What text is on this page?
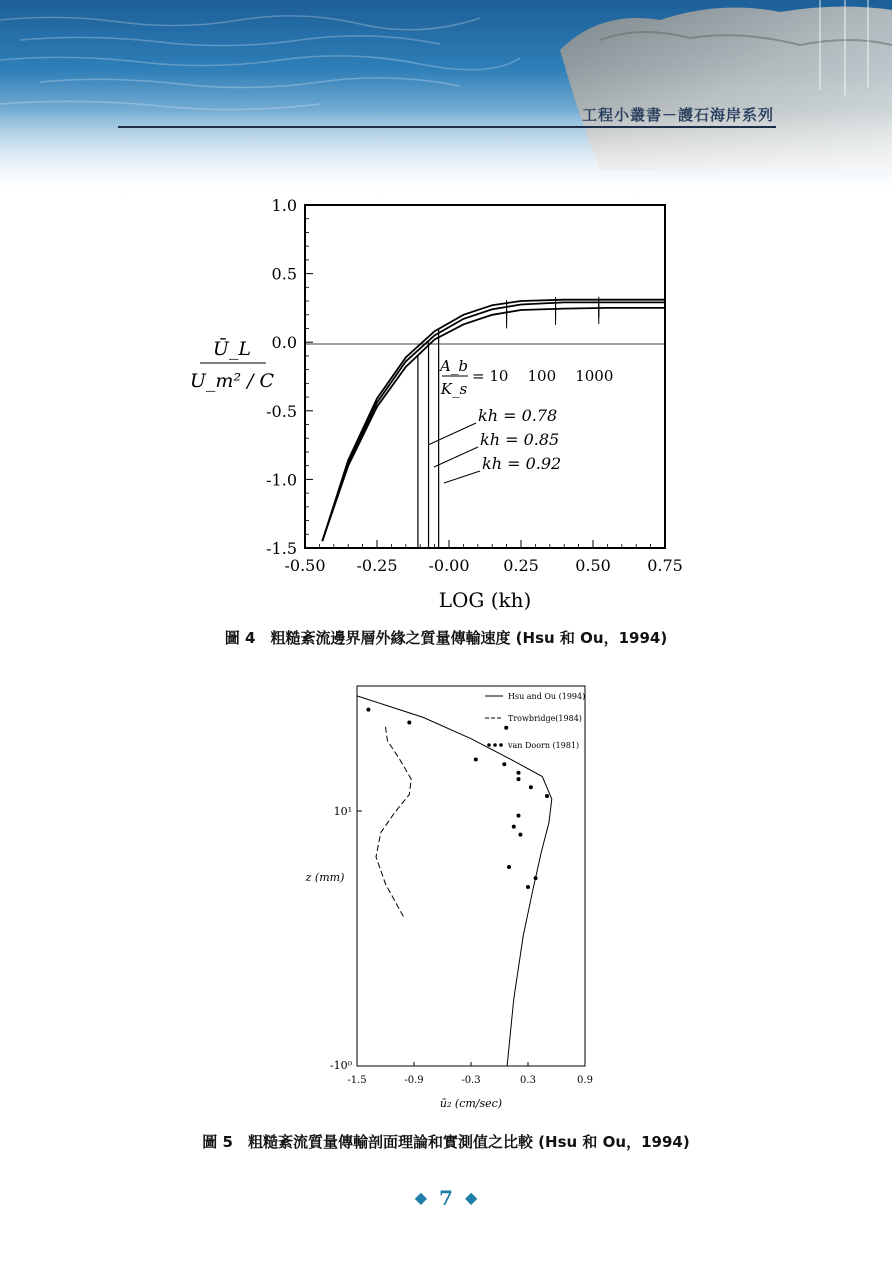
工程小叢書－護石海岸系列
1.0
0.5
0.0
-0.5
-1.0
-1.5
-0.50 -0.25 -0.00 0.25 0.50 0.75
LOG (kh)
Ū_L
U_m² / C
A_b
K_s
= 10    100    1000
kh = 0.78
kh = 0.85
kh = 0.92
圖 4　粗糙紊流邊界層外緣之質量傳輸速度 (Hsu 和 Ou，1994)
-1.5	-0.9	-0.3	0.3	0.9
10¹
-10⁰
z (mm)
ū₂ (cm/sec)
Hsu and Ou (1994)
Trowbridge(1984)
van Doorn (1981)
圖 5　粗糙紊流質量傳輸剖面理論和實測值之比較 (Hsu 和 Ou，1994)
◆ 7 ◆
